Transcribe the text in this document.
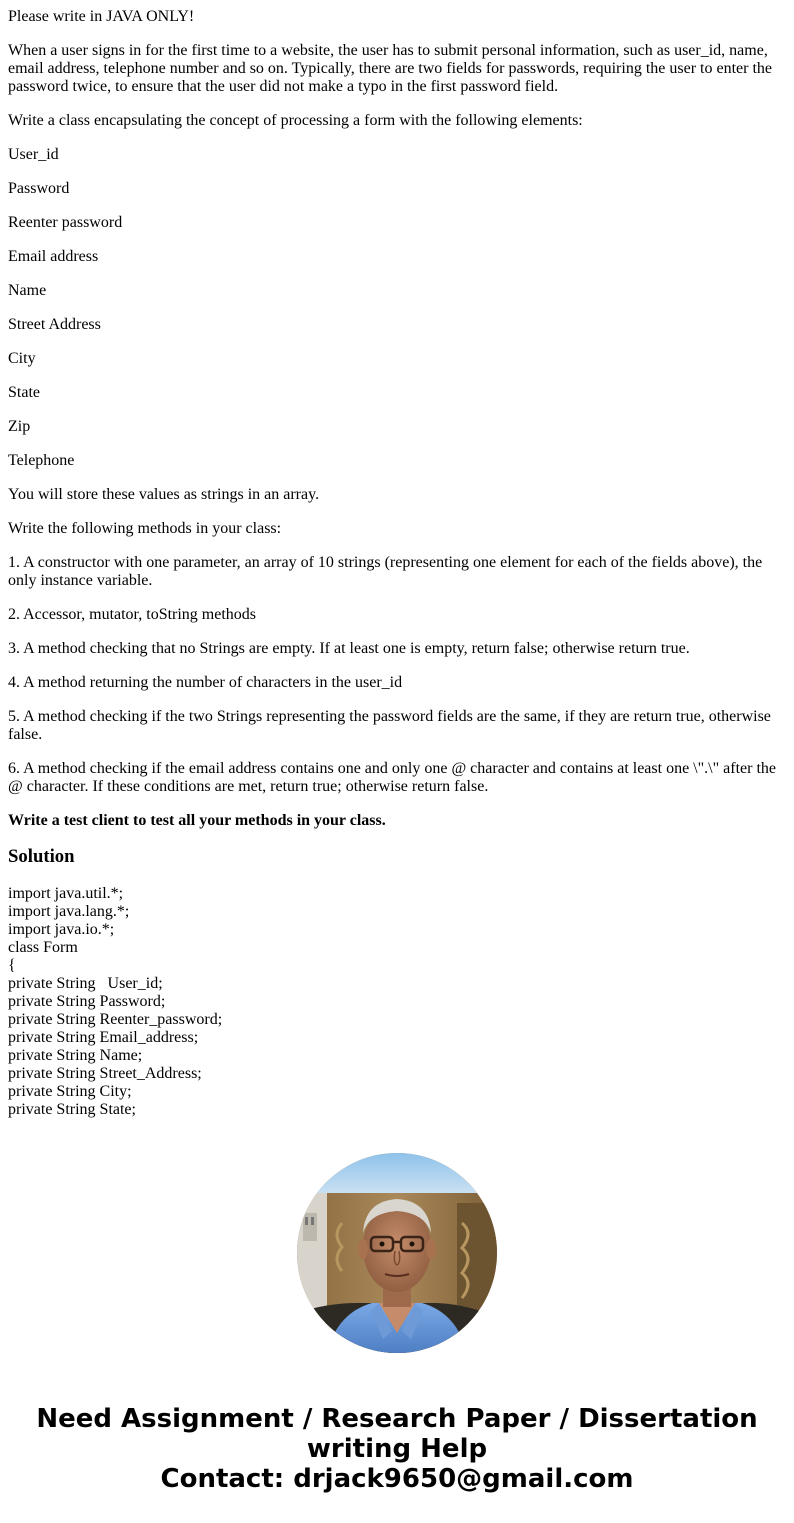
Please write in JAVA ONLY!

When a user signs in for the first time to a website, the user has to submit personal information, such as user_id, name, email address, telephone number and so on. Typically, there are two fields for passwords, requiring the user to enter the password twice, to ensure that the user did not make a typo in the first password field.

Write a class encapsulating the concept of processing a form with the following elements:

User_id

Password

Reenter password

Email address

Name

Street Address

City

State

Zip

Telephone

You will store these values as strings in an array.

Write the following methods in your class:

1. A constructor with one parameter, an array of 10 strings (representing one element for each of the fields above), the only instance variable.

2. Accessor, mutator, toString methods

3. A method checking that no Strings are empty. If at least one is empty, return false; otherwise return true.

4. A method returning the number of characters in the user_id

5. A method checking if the two Strings representing the password fields are the same, if they are return true, otherwise false.

6. A method checking if the email address contains one and only one @ character and contains at least one \".\" after the @ character. If these conditions are met, return true; otherwise return false.

Write a test client to test all your methods in your class.

Solution
import java.util.*;
import java.lang.*;
import java.io.*;
class Form
{
private String   User_id;
private String Password;
private String Reenter_password;
private String Email_address;
private String Name;
private String Street_Address;
private String City;
private String State;
Need Assignment / Research Paper / Dissertation
writing Help
Contact: drjack9650@gmail.com
